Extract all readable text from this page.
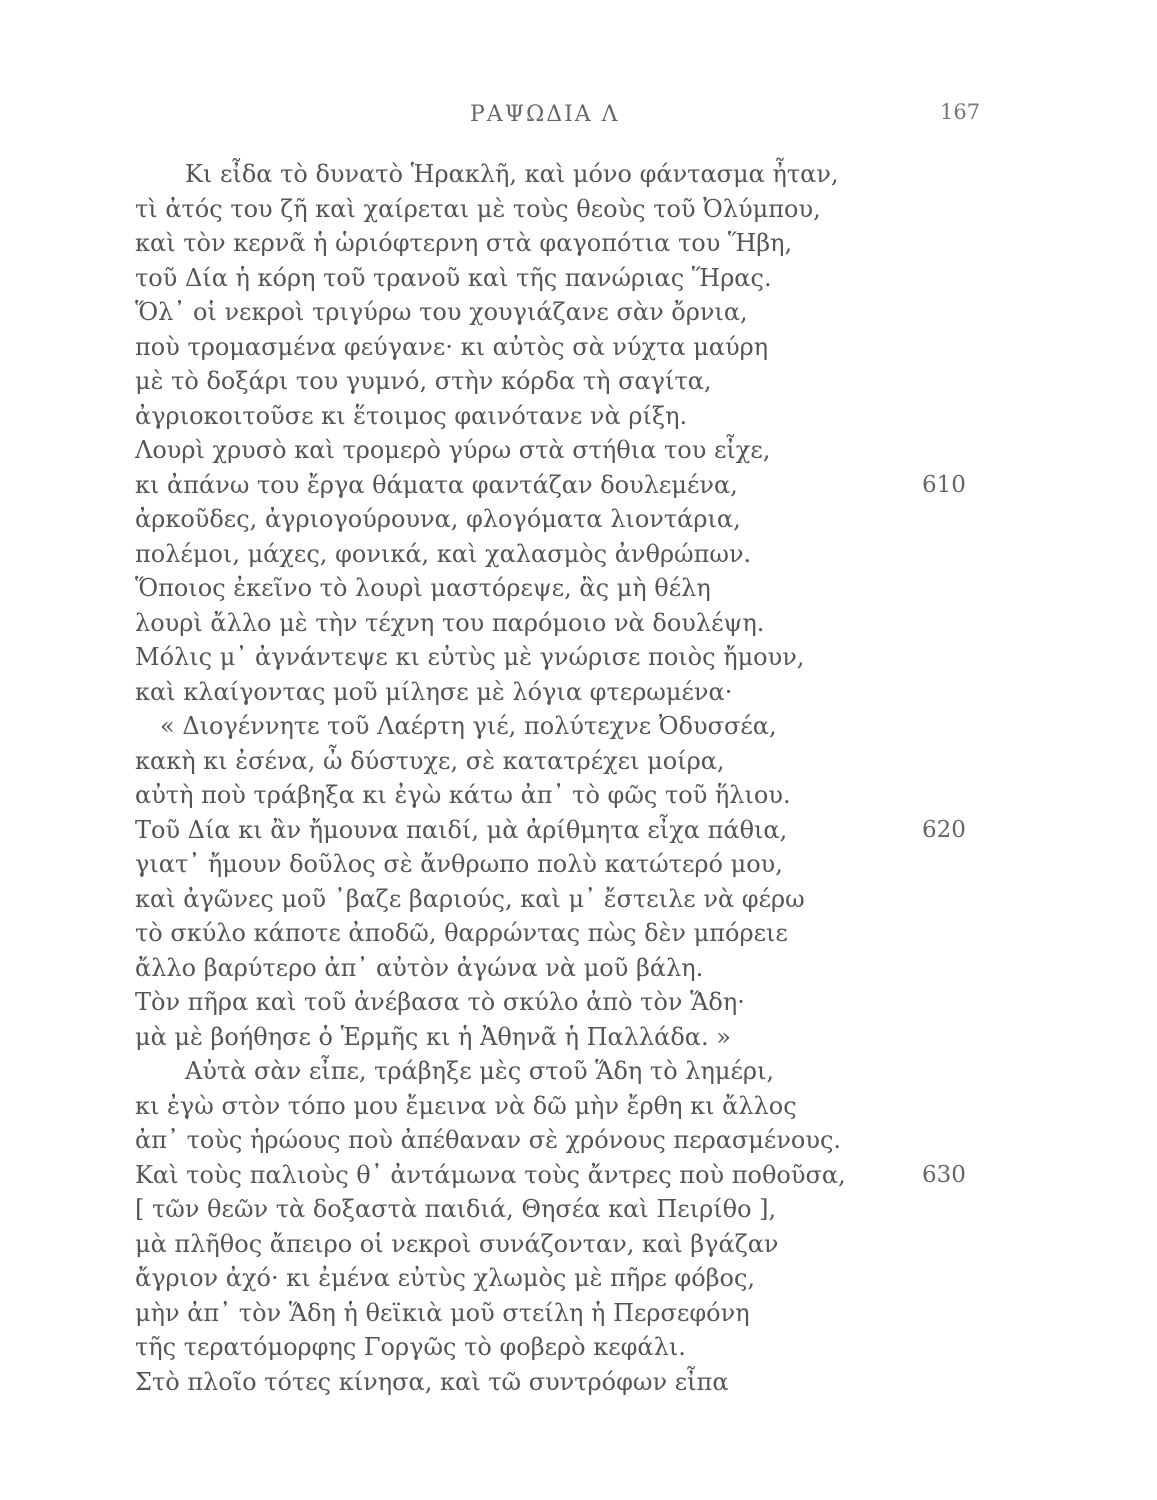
ΡΑΨΩΔΙΑ Λ	167
Κι εἶδα τὸ δυνατὸ Ἡρακλῆ, καὶ μόνο φάντασμα ἦταν,
τὶ ἀτός του ζῆ καὶ χαίρεται μὲ τοὺς θεοὺς τοῦ Ὀλύμπου,
καὶ τὸν κερνᾶ ἡ ὡριόφτερνη στὰ φαγοπότια του Ἥβη,
τοῦ Δία ἡ κόρη τοῦ τρανοῦ καὶ τῆς πανώριας Ἥρας.
Ὅλ᾽ οἱ νεκροὶ τριγύρω του χουγιάζανε σὰν ὄρνια,
ποὺ τρομασμένα φεύγανε· κι αὐτὸς σὰ νύχτα μαύρη
μὲ τὸ δοξάρι του γυμνό, στὴν κόρδα τὴ σαγίτα,
ἀγριοκοιτοῦσε κι ἕτοιμος φαινότανε νὰ ρίξη.
Λουρὶ χρυσὸ καὶ τρομερὸ γύρω στὰ στήθια του εἶχε,
κι ἀπάνω του ἔργα θάματα φαντάζαν δουλεμένα,	610
ἀρκοῦδες, ἀγριογούρουνα, φλογόματα λιοντάρια,
πολέμοι, μάχες, φονικά, καὶ χαλασμὸς ἀνθρώπων.
Ὅποιος ἐκεῖνο τὸ λουρὶ μαστόρεψε, ἂς μὴ θέλη
λουρὶ ἄλλο μὲ τὴν τέχνη του παρόμοιο νὰ δουλέψη.
Μόλις μ᾽ ἀγνάντεψε κι εὐτὺς μὲ γνώρισε ποιὸς ἤμουν,
καὶ κλαίγοντας μοῦ μίλησε μὲ λόγια φτερωμένα·
« Διογέννητε τοῦ Λαέρτη γιέ, πολύτεχνε Ὀδυσσέα,
κακὴ κι ἐσένα, ὦ δύστυχε, σὲ κατατρέχει μοίρα,
αὐτὴ ποὺ τράβηξα κι ἐγὼ κάτω ἀπ᾽ τὸ φῶς τοῦ ἥλιου.
Τοῦ Δία κι ἂν ἤμουνα παιδί, μὰ ἀρίθμητα εἶχα πάθια,	620
γιατ᾽ ἤμουν δοῦλος σὲ ἄνθρωπο πολὺ κατώτερό μου,
καὶ ἀγῶνες μοῦ ᾽βαζε βαριούς, καὶ μ᾽ ἔστειλε νὰ φέρω
τὸ σκύλο κάποτε ἀποδῶ, θαρρώντας πὼς δὲν μπόρειε
ἄλλο βαρύτερο ἀπ᾽ αὐτὸν ἀγώνα νὰ μοῦ βάλη.
Τὸν πῆρα καὶ τοῦ ἀνέβασα τὸ σκύλο ἀπὸ τὸν Ἅδη·
μὰ μὲ βοήθησε ὁ Ἑρμῆς κι ἡ Ἀθηνᾶ ἡ Παλλάδα. »
Αὐτὰ σὰν εἶπε, τράβηξε μὲς στοῦ Ἅδη τὸ λημέρι,
κι ἐγὼ στὸν τόπο μου ἔμεινα νὰ δῶ μὴν ἔρθη κι ἄλλος
ἀπ᾽ τοὺς ἡρώους ποὺ ἀπέθαναν σὲ χρόνους περασμένους.
Καὶ τοὺς παλιοὺς θ᾽ ἀντάμωνα τοὺς ἄντρες ποὺ ποθοῦσα,	630
[ τῶν θεῶν τὰ δοξαστὰ παιδιά, Θησέα καὶ Πειρίθο ],
μὰ πλῆθος ἄπειρο οἱ νεκροὶ συνάζονταν, καὶ βγάζαν
ἄγριον ἀχό· κι ἐμένα εὐτὺς χλωμὸς μὲ πῆρε φόβος,
μὴν ἀπ᾽ τὸν Ἅδη ἡ θεϊκιὰ μοῦ στείλη ἡ Περσεφόνη
τῆς τερατόμορφης Γοργῶς τὸ φοβερὸ κεφάλι.
Στὸ πλοῖο τότες κίνησα, καὶ τῶ συντρόφων εἶπα
